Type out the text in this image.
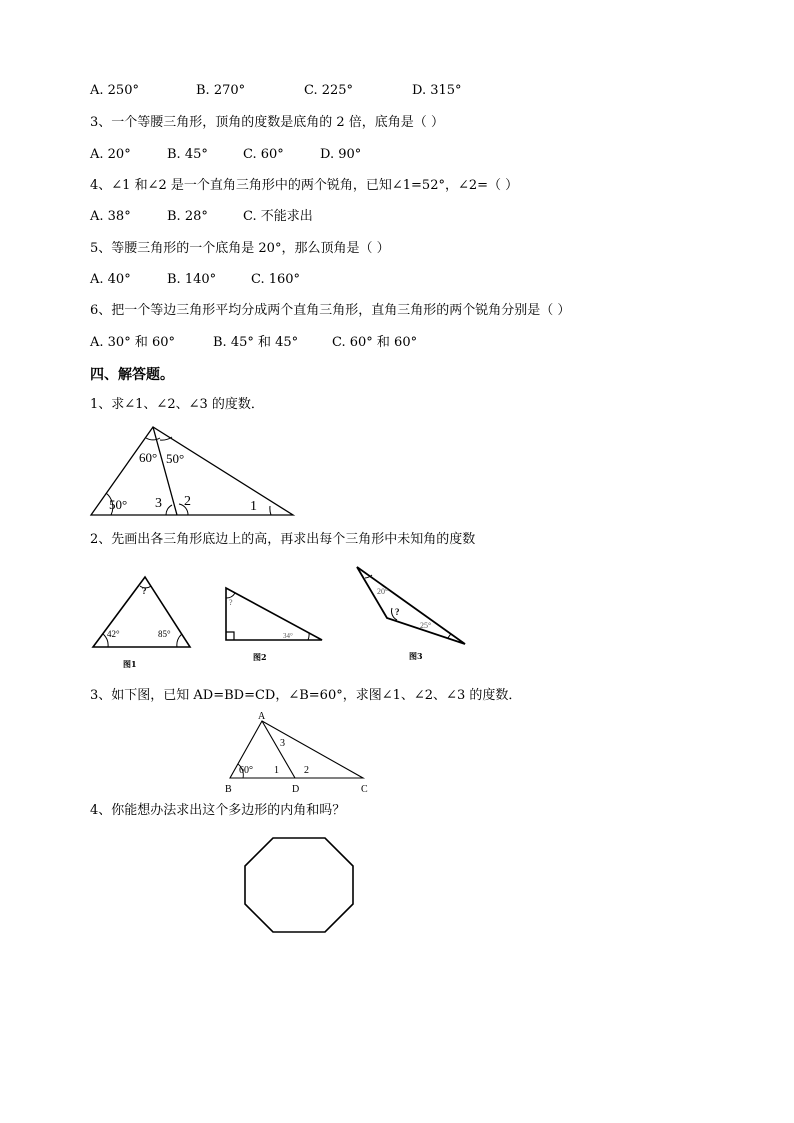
A. 250°	B. 270°	C. 225°	D. 315°
3、一个等腰三角形，顶角的度数是底角的 2 倍，底角是（ ）
A. 20°	B. 45°	C. 60°	D. 90°
4、∠1 和∠2 是一个直角三角形中的两个锐角，已知∠1=52°，∠2=（ ）
A. 38°	B. 28°	C. 不能求出
5、等腰三角形的一个底角是 20°，那么顶角是（ ）
A. 40°	B. 140°	C. 160°
6、把一个等边三角形平均分成两个直角三角形，直角三角形的两个锐角分别是（ ）
A. 30° 和 60°	B. 45° 和 45°	C. 60° 和 60°
四、解答题。
1、求∠1、∠2、∠3 的度数．
60° 50°
50° 3 2	1
2、先画出各三角形底边上的高，再求出每个三角形中未知角的度数
?
42°	85°
图1
?
34°
图2
20°
?
25°
图3
3、如下图，已知 AD=BD=CD，∠B=60°，求图∠1、∠2、∠3 的度数．
A
B	D	C
60° 1	2
3
4、你能想办法求出这个多边形的内角和吗？
